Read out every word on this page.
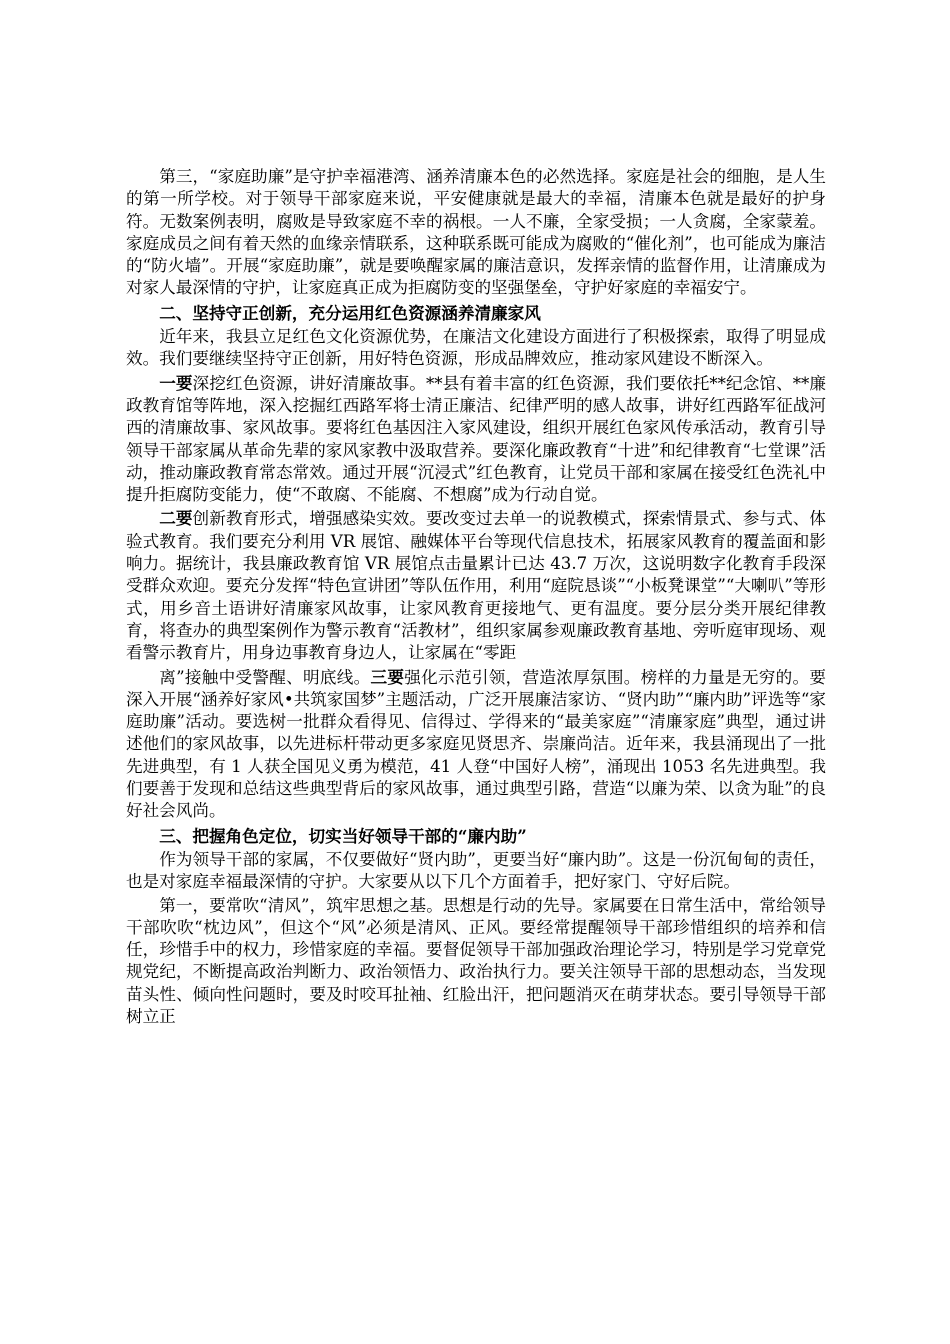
第三，“家庭助廉”是守护幸福港湾、涵养清廉本色的必然选择。家庭是社会的细胞，是人生的第一所学校。对于领导干部家庭来说，平安健康就是最大的幸福，清廉本色就是最好的护身符。无数案例表明，腐败是导致家庭不幸的祸根。一人不廉，全家受损；一人贪腐，全家蒙羞。家庭成员之间有着天然的血缘亲情联系，这种联系既可能成为腐败的“催化剂”，也可能成为廉洁的“防火墙”。开展“家庭助廉”，就是要唤醒家属的廉洁意识，发挥亲情的监督作用，让清廉成为对家人最深情的守护，让家庭真正成为拒腐防变的坚强堡垒，守护好家庭的幸福安宁。

二、坚持守正创新，充分运用红色资源涵养清廉家风

近年来，我县立足红色文化资源优势，在廉洁文化建设方面进行了积极探索，取得了明显成效。我们要继续坚持守正创新，用好特色资源，形成品牌效应，推动家风建设不断深入。

一要深挖红色资源，讲好清廉故事。**县有着丰富的红色资源，我们要依托**纪念馆、**廉政教育馆等阵地，深入挖掘红西路军将士清正廉洁、纪律严明的感人故事，讲好红西路军征战河西的清廉故事、家风故事。要将红色基因注入家风建设，组织开展红色家风传承活动，教育引导领导干部家属从革命先辈的家风家教中汲取营养。要深化廉政教育“十进”和纪律教育“七堂课”活动，推动廉政教育常态常效。通过开展“沉浸式”红色教育，让党员干部和家属在接受红色洗礼中提升拒腐防变能力，使“不敢腐、不能腐、不想腐”成为行动自觉。

二要创新教育形式，增强感染实效。要改变过去单一的说教模式，探索情景式、参与式、体验式教育。我们要充分利用 VR 展馆、融媒体平台等现代信息技术，拓展家风教育的覆盖面和影响力。据统计，我县廉政教育馆 VR 展馆点击量累计已达 43.7 万次，这说明数字化教育手段深受群众欢迎。要充分发挥“特色宣讲团”等队伍作用，利用“庭院恳谈”“小板凳课堂”“大喇叭”等形式，用乡音土语讲好清廉家风故事，让家风教育更接地气、更有温度。要分层分类开展纪律教育，将查办的典型案例作为警示教育“活教材”，组织家属参观廉政教育基地、旁听庭审现场、观看警示教育片，用身边事教育身边人，让家属在“零距

离”接触中受警醒、明底线。三要强化示范引领，营造浓厚氛围。榜样的力量是无穷的。要深入开展“涵养好家风•共筑家国梦”主题活动，广泛开展廉洁家访、“贤内助”“廉内助”评选等“家庭助廉”活动。要选树一批群众看得见、信得过、学得来的“最美家庭”“清廉家庭”典型，通过讲述他们的家风故事，以先进标杆带动更多家庭见贤思齐、崇廉尚洁。近年来，我县涌现出了一批先进典型，有 1 人获全国见义勇为模范，41 人登“中国好人榜”，涌现出 1053 名先进典型。我们要善于发现和总结这些典型背后的家风故事，通过典型引路，营造“以廉为荣、以贪为耻”的良好社会风尚。

三、把握角色定位，切实当好领导干部的“廉内助”

作为领导干部的家属，不仅要做好“贤内助”，更要当好“廉内助”。这是一份沉甸甸的责任，也是对家庭幸福最深情的守护。大家要从以下几个方面着手，把好家门、守好后院。

第一，要常吹“清风”，筑牢思想之基。思想是行动的先导。家属要在日常生活中，常给领导干部吹吹“枕边风”，但这个“风”必须是清风、正风。要经常提醒领导干部珍惜组织的培养和信任，珍惜手中的权力，珍惜家庭的幸福。要督促领导干部加强政治理论学习，特别是学习党章党规党纪，不断提高政治判断力、政治领悟力、政治执行力。要关注领导干部的思想动态，当发现苗头性、倾向性问题时，要及时咬耳扯袖、红脸出汗，把问题消灭在萌芽状态。要引导领导干部树立正
